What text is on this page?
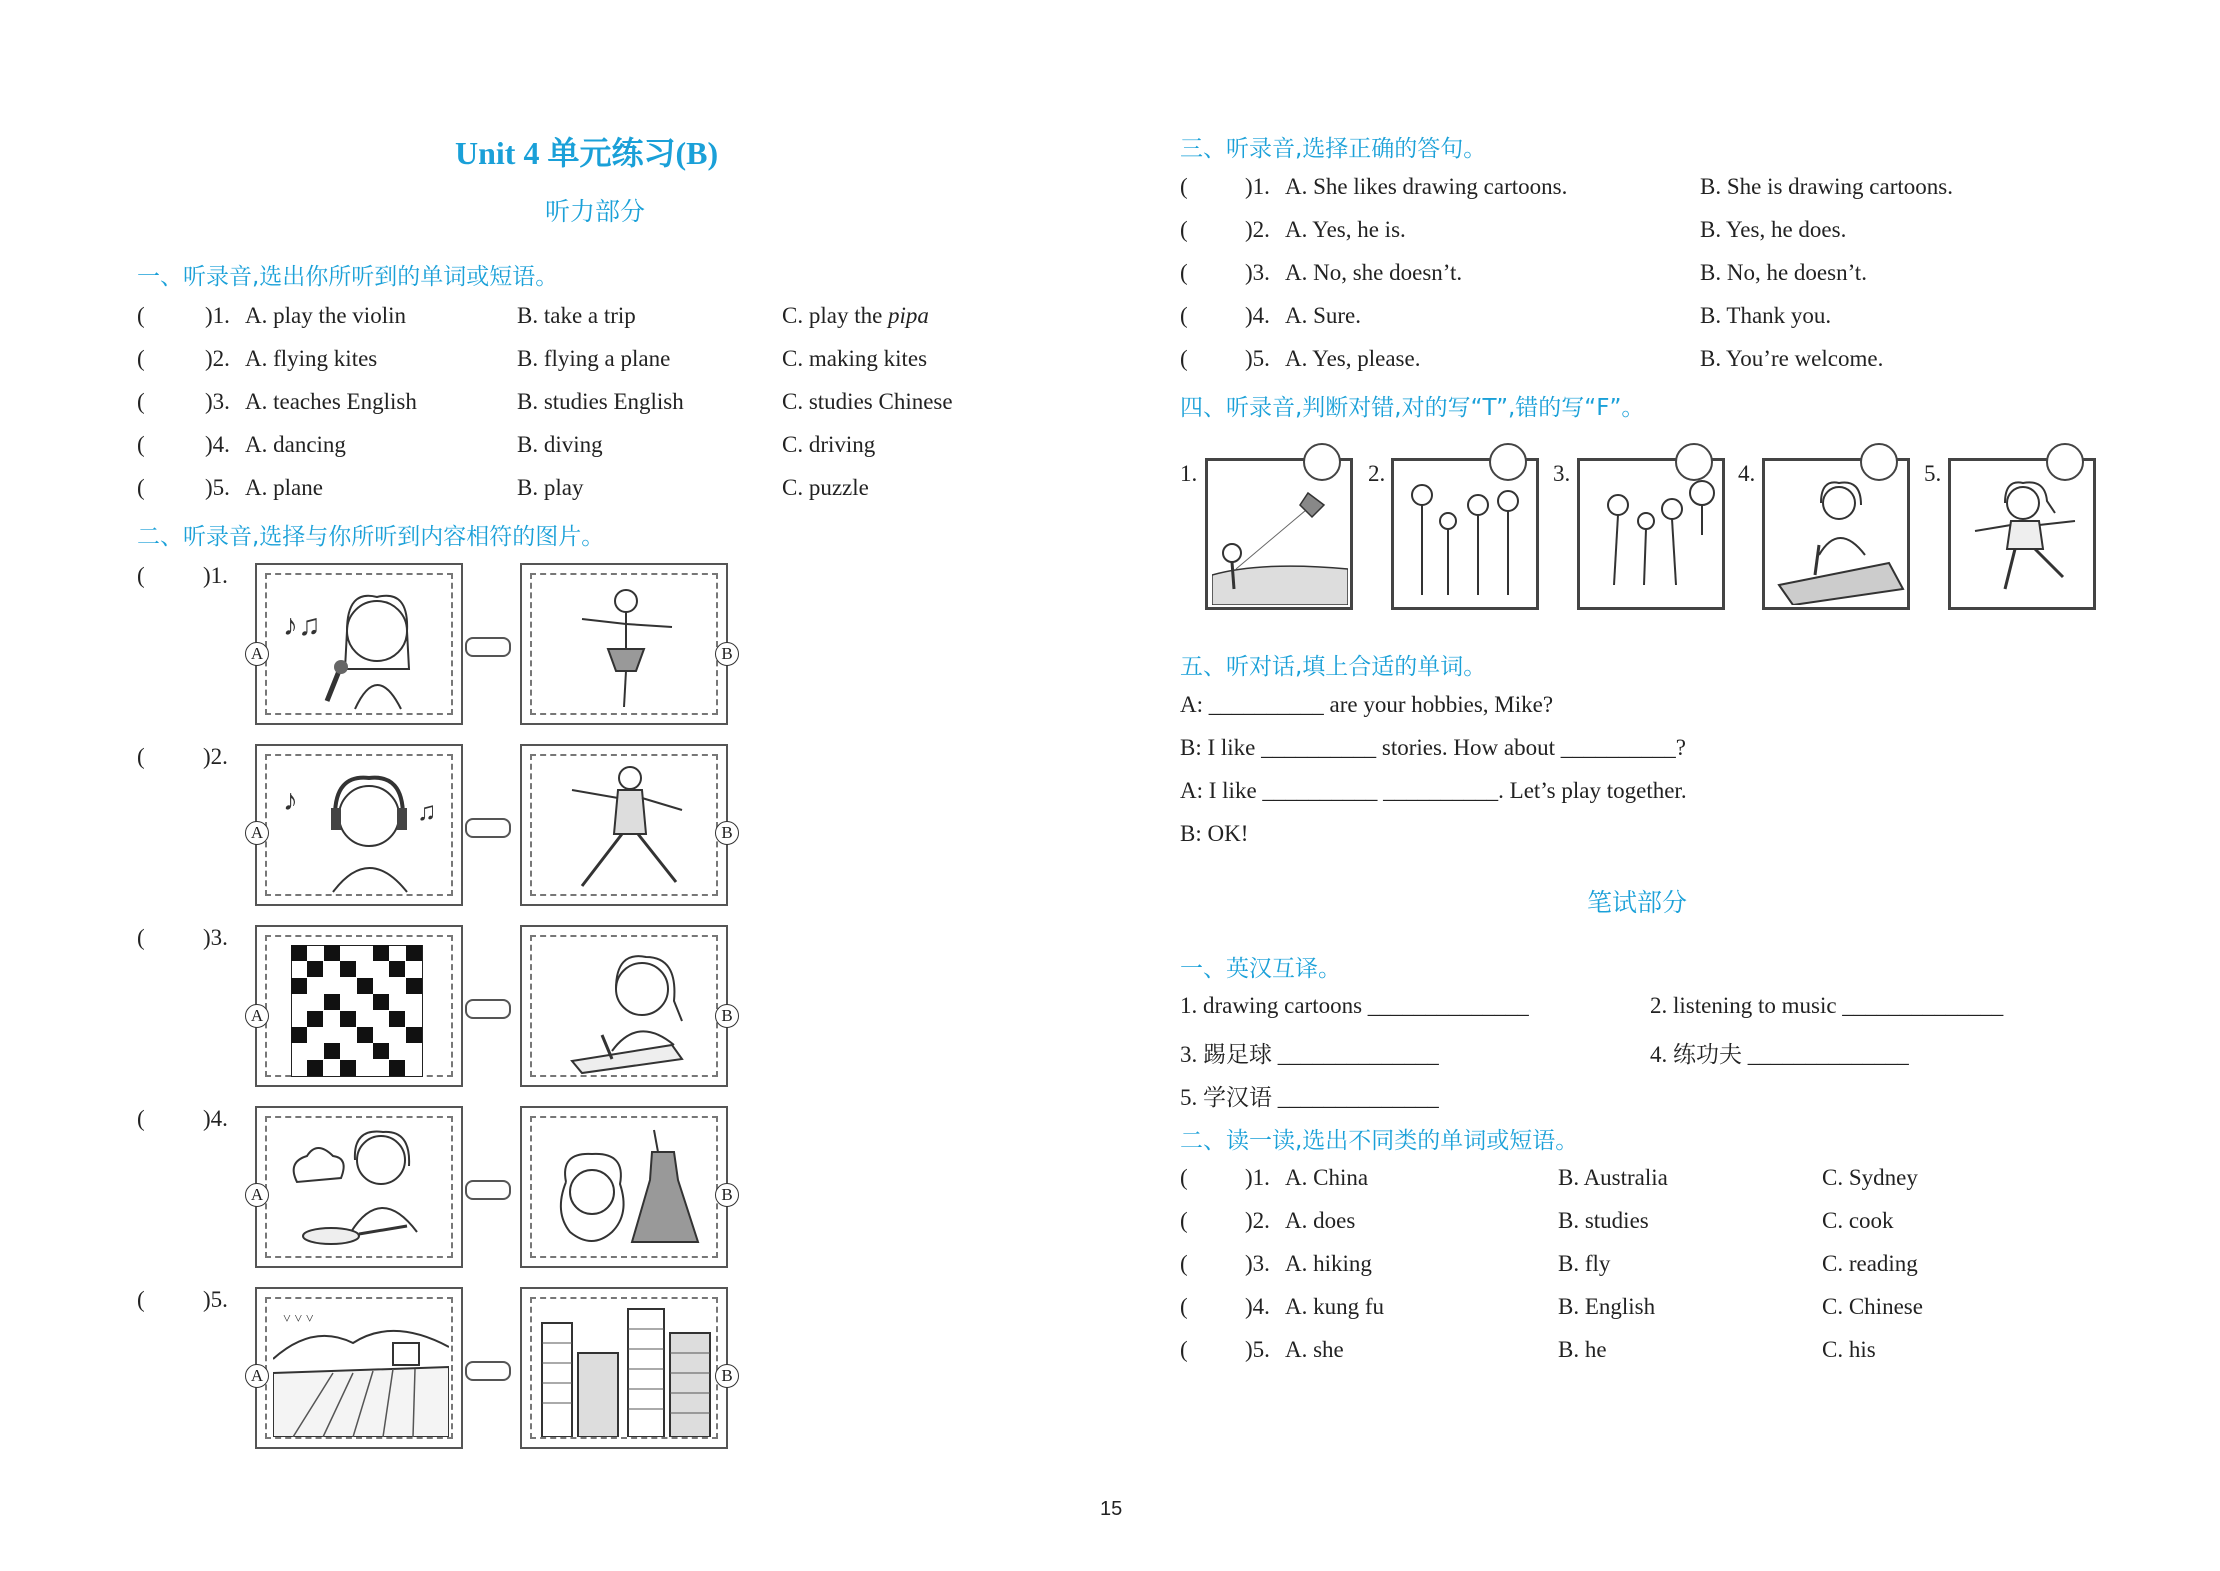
Unit 4 单元练习(B)
听力部分
一、听录音,选出你所听到的单词或短语。
(	)1. A. play the violin	B. take a trip	C. play the pipa
(	)2. A. flying kites	B. flying a plane	C. making kites
(	)3. A. teaches English	B. studies English	C. studies Chinese
(	)4. A. dancing	B. diving	C. driving
(	)5. A. plane	B. play	C. puzzle
二、听录音,选择与你所听到内容相符的图片。
(	)1.
♪♫
A	B
(	)2.
♪	♫
A	B
(	)3.
A	B
(	)4.
A	B
(	)5.
˅ ˅ ˅
A	B
三、听录音,选择正确的答句。
( )1. A. She likes drawing cartoons.	B. She is drawing cartoons.
( )2. A. Yes, he is.	B. Yes, he does.
( )3. A. No, she doesn’t.	B. No, he doesn’t.
( )4. A. Sure.	B. Thank you.
( )5. A. Yes, please.	B. You’re welcome.
四、听录音,判断对错,对的写“T”,错的写“F”。
1.	2.	3.	4.	5.
五、听对话,填上合适的单词。
A: __________ are your hobbies, Mike?
B: I like __________ stories. How about __________?
A: I like __________ __________. Let’s play together.
B: OK!
笔试部分
一、英汉互译。
1. drawing cartoons ______________	2. listening to music ______________
3. 踢足球 ______________	4. 练功夫 ______________
5. 学汉语 ______________
二、读一读,选出不同类的单词或短语。
( )1. A. China	B. Australia	C. Sydney
( )2. A. does	B. studies	C. cook
( )3. A. hiking	B. fly	C. reading
( )4. A. kung fu	B. English	C. Chinese
( )5. A. she	B. he	C. his
15
